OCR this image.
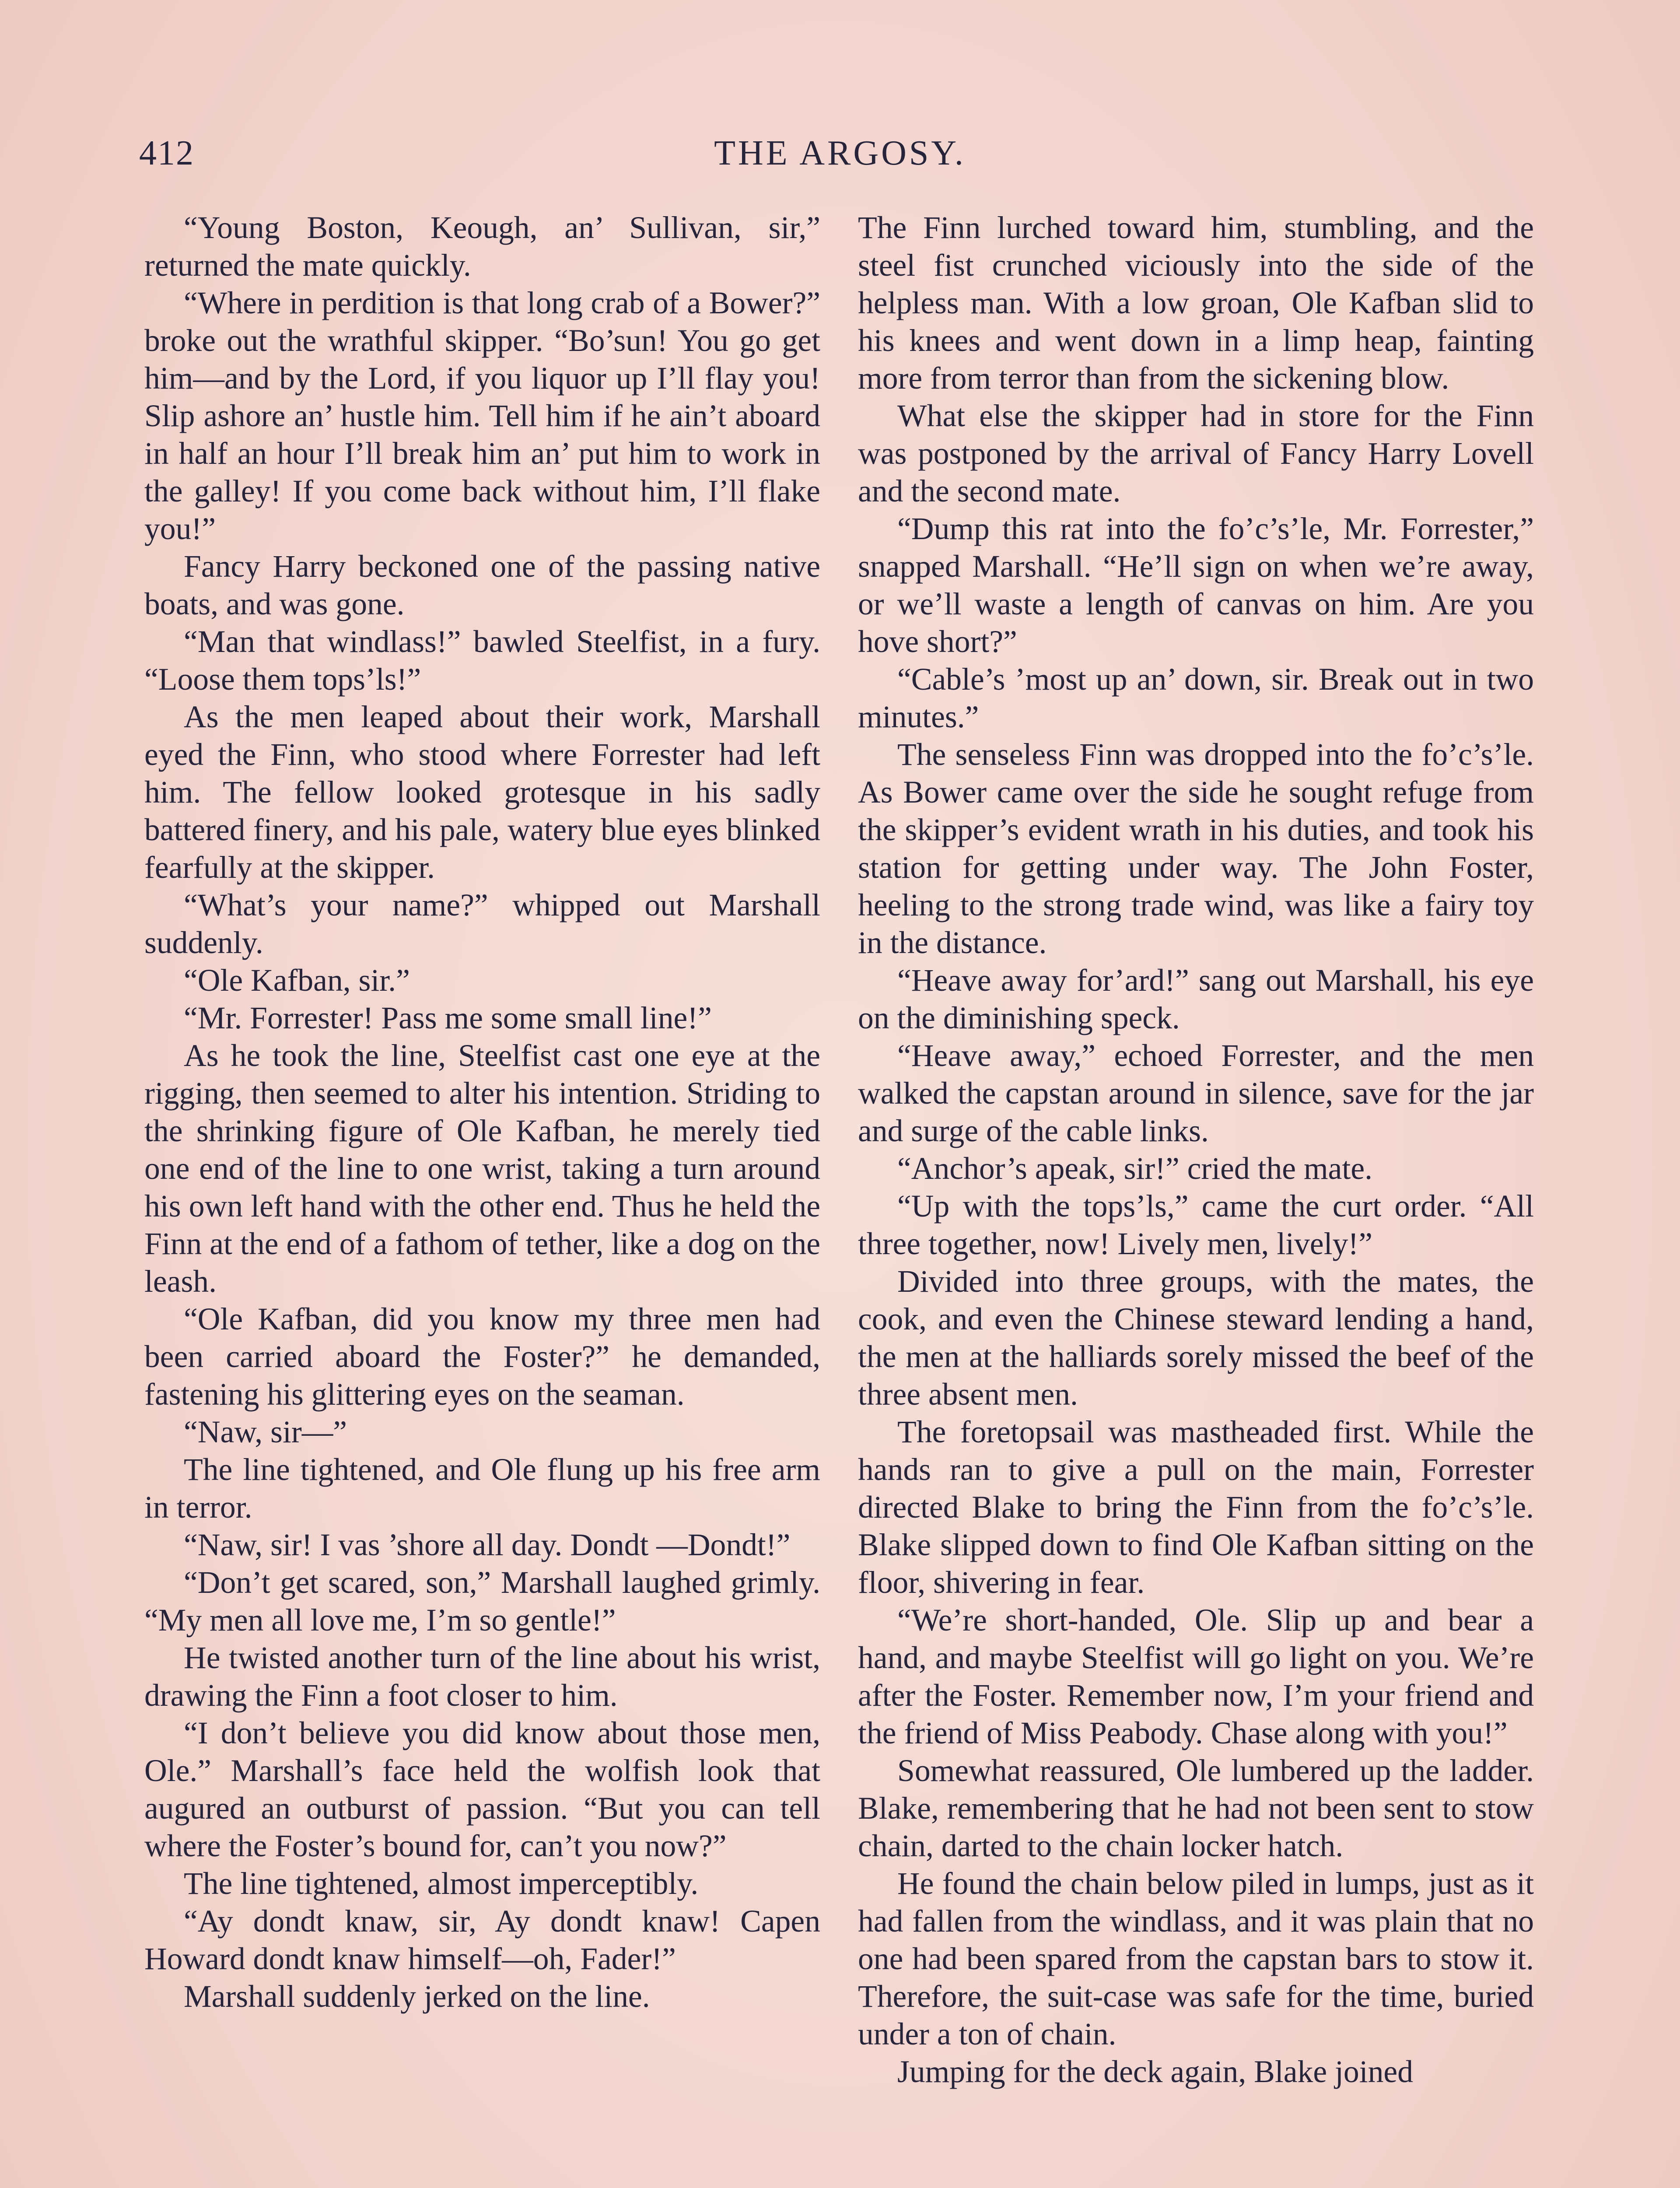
412	THE ARGOSY.

“Young Boston, Keough, an’ Sullivan, sir,” returned the mate quickly.

“Where in perdition is that long crab of a Bower?” broke out the wrathful skipper. “Bo’sun! You go get him—and by the Lord, if you liquor up I’ll flay you! Slip ashore an’ hustle him. Tell him if he ain’t aboard in half an hour I’ll break him an’ put him to work in the galley! If you come back without him, I’ll flake you!”

Fancy Harry beckoned one of the passing native boats, and was gone.

“Man that windlass!” bawled Steelfist, in a fury. “Loose them tops’ls!”

As the men leaped about their work, Marshall eyed the Finn, who stood where Forrester had left him. The fellow looked grotesque in his sadly battered finery, and his pale, watery blue eyes blinked fearfully at the skipper.

“What’s your name?” whipped out Marshall suddenly.

“Ole Kafban, sir.”

“Mr. Forrester! Pass me some small line!”

As he took the line, Steelfist cast one eye at the rigging, then seemed to alter his intention. Striding to the shrinking figure of Ole Kafban, he merely tied one end of the line to one wrist, taking a turn around his own left hand with the other end. Thus he held the Finn at the end of a fathom of tether, like a dog on the leash.

“Ole Kafban, did you know my three men had been carried aboard the Foster?” he demanded, fastening his glittering eyes on the seaman.

“Naw, sir—”

The line tightened, and Ole flung up his free arm in terror.

“Naw, sir! I vas ’shore all day. Dondt —Dondt!”

“Don’t get scared, son,” Marshall laughed grimly. “My men all love me, I’m so gentle!”

He twisted another turn of the line about his wrist, drawing the Finn a foot closer to him.

“I don’t believe you did know about those men, Ole.” Marshall’s face held the wolfish look that augured an outburst of passion. “But you can tell where the Foster’s bound for, can’t you now?”

The line tightened, almost imperceptibly.

“Ay dondt knaw, sir, Ay dondt knaw! Capen Howard dondt knaw himself—oh, Fader!”

Marshall suddenly jerked on the line.

The Finn lurched toward him, stumbling, and the steel fist crunched viciously into the side of the helpless man. With a low groan, Ole Kafban slid to his knees and went down in a limp heap, fainting more from terror than from the sickening blow.

What else the skipper had in store for the Finn was postponed by the arrival of Fancy Harry Lovell and the second mate.

“Dump this rat into the fo’c’s’le, Mr. Forrester,” snapped Marshall. “He’ll sign on when we’re away, or we’ll waste a length of canvas on him. Are you hove short?”

“Cable’s ’most up an’ down, sir. Break out in two minutes.”

The senseless Finn was dropped into the fo’c’s’le. As Bower came over the side he sought refuge from the skipper’s evident wrath in his duties, and took his station for getting under way. The John Foster, heeling to the strong trade wind, was like a fairy toy in the distance.

“Heave away for’ard!” sang out Marshall, his eye on the diminishing speck.

“Heave away,” echoed Forrester, and the men walked the capstan around in silence, save for the jar and surge of the cable links.

“Anchor’s apeak, sir!” cried the mate.

“Up with the tops’ls,” came the curt order. “All three together, now! Lively men, lively!”

Divided into three groups, with the mates, the cook, and even the Chinese steward lending a hand, the men at the halliards sorely missed the beef of the three absent men.

The foretopsail was mastheaded first. While the hands ran to give a pull on the main, Forrester directed Blake to bring the Finn from the fo’c’s’le. Blake slipped down to find Ole Kafban sitting on the floor, shivering in fear.

“We’re short-handed, Ole. Slip up and bear a hand, and maybe Steelfist will go light on you. We’re after the Foster. Remember now, I’m your friend and the friend of Miss Peabody. Chase along with you!”

Somewhat reassured, Ole lumbered up the ladder. Blake, remembering that he had not been sent to stow chain, darted to the chain locker hatch.

He found the chain below piled in lumps, just as it had fallen from the windlass, and it was plain that no one had been spared from the capstan bars to stow it. Therefore, the suit-case was safe for the time, buried under a ton of chain.

Jumping for the deck again, Blake joined
